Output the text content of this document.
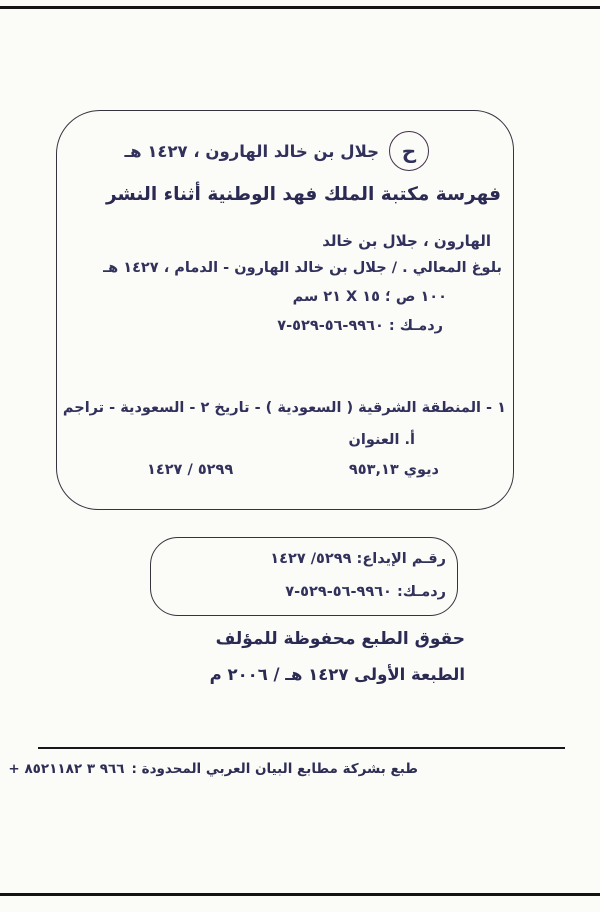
ح
جلال بن خالد الهارون ، ١٤٢٧ هـ
فهرسة مكتبة الملك فهد الوطنية أثناء النشر
الهارون ، جلال بن خالد
بلوغ المعالي . / جلال بن خالد الهارون - الدمام ، ١٤٢٧ هـ
١٠٠ ص ؛ ١٥ X ٢١ سم
ردمـك : ٩٩٦٠-٥٦-٥٢٩-٧
١ - المنطقة الشرقية ( السعودية ) - تاريخ ٢ - السعودية - تراجم
أ. العنوان
ديوي ٩٥٣,١٣
٥٢٩٩ / ١٤٢٧
رقـم الإيداع: ٥٢٩٩/ ١٤٢٧
ردمـك: ٩٩٦٠-٥٦-٥٢٩-٧
حقوق الطبع محفوظة للمؤلف
الطبعة الأولى ١٤٢٧ هـ / ٢٠٠٦ م
طبع بشركة مطابع البيان العربي المحدودة :
+ ٩٦٦ ٣ ٨٥٢١١٨٢
